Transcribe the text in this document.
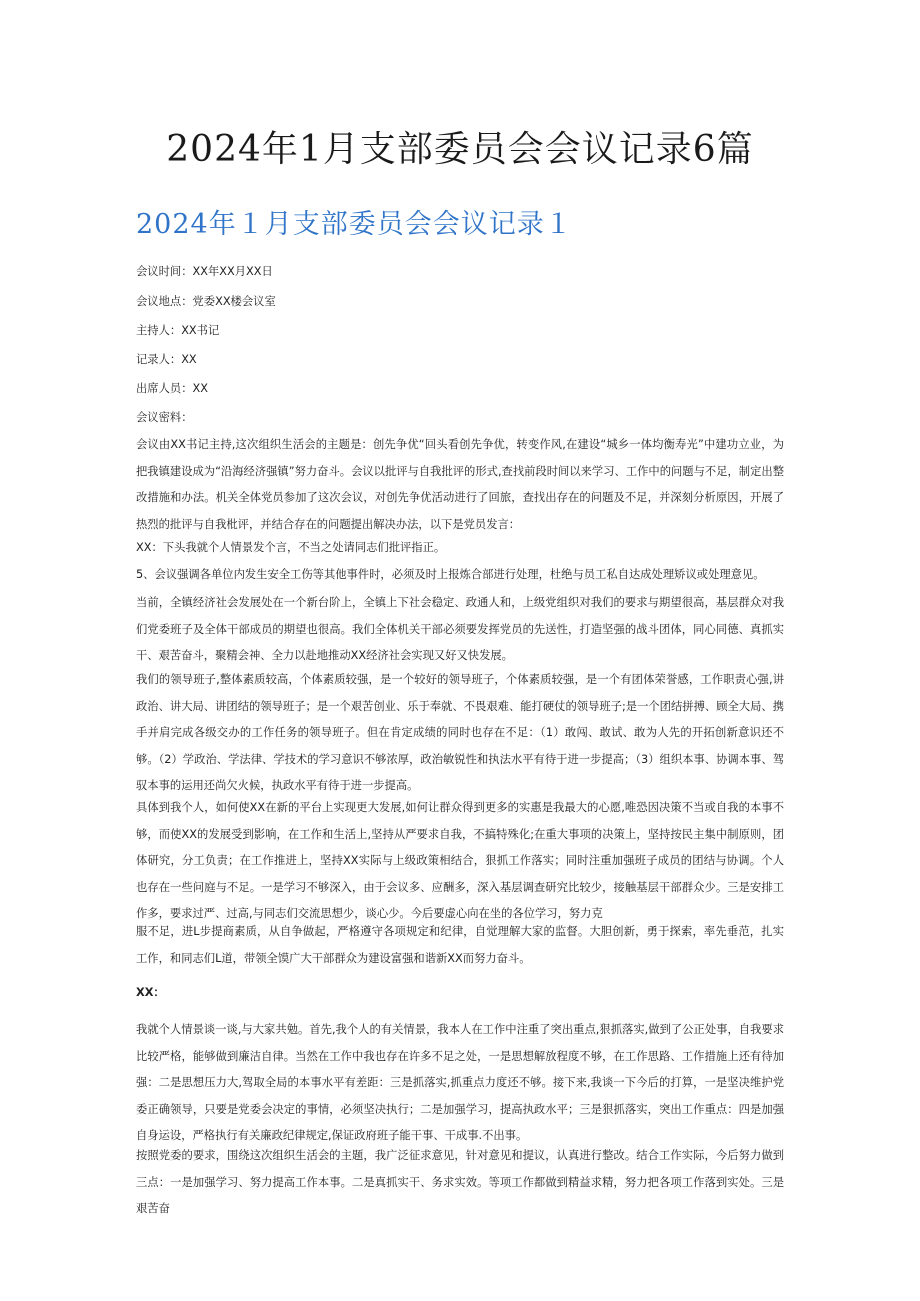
2024年1月支部委员会会议记录6篇
2024年１月支部委员会会议记录１

会议时间：XX年XX月XX日

会议地点：党委XX楼会议室

主持人：XX书记

记录人：XX

出席人员：XX

会议密料：

会议由XX书记主持,这次组织生活会的主题是：创先争优“回头看创先争优，转变作风,在建设“城乡一体均衡寿光”中建功立业，为把我镇建设成为“沿海经济强镇”努力奋斗。会议以批评与自我批评的形式,查找前段时间以来学习、工作中的问题与不足，制定出整改措施和办法。机关全体党员参加了这次会议，对创先争优活动进行了回旅，查找出存在的问题及不足，并深刻分析原因，开展了热烈的批评与自我枇评，并结合存在的问题提出解决办法，以下是党员发言：

XX：下头我就个人情景发个言，不当之处请同志们批评指正。

5、会议强调各单位内发生安全工伤等其他事件时，必须及时上报炼合部进行处理，杜绝与员工私自达成处理矫议或处理意见。

当前，全镇经济社会发展处在一个新台阶上，全镇上下社会稳定、政通人和，上级党组织对我们的要求与期望很高，基层群众对我们党委班子及全体干部成员的期望也很高。我们全体机关干部必须要发挥党员的先送性，打造坚强的战斗团体，同心同德、真抓实干、艰苦奋斗，聚精会神、全力以赴地推动XX经济社会实现又好又快发展。

我们的领导班子,整体素质较高，个体素质较强，是一个较好的领导班子，个体素质较强，是一个有团体荣誉感，工作职责心强,讲政治、讲大局、讲团结的领导班子；是一个艰苦创业、乐于奉就、不畏艰难、能打硬仗的领导班子;是一个团结拼搏、顾全大局、携手并肩完成各级交办的工作任务的领导班子。但在肯定成绩的同时也存在不足：（1）敢闯、敢试、敢为人先的开拓创新意识还不够。（2）学政治、学法律、学技术的学习意识不够浓厚，政治敏锐性和执法水平有待于进一步提高；（3）组织本事、协调本事、驾驭本事的运用还尚欠火候，执政水平有待于进一步提高。

具体到我个人，如何使XX在新的平台上实现更大发展,如何让群众得到更多的实惠是我最大的心愿,唯恐因决策不当或自我的本事不够，而使XX的发展受到影响，在工作和生活上,坚持从严要求自我，不搞特殊化;在重大事项的决策上，坚持按民主集中制原则，团体研究，分工负责；在工作推进上，坚持XX实际与上级政策相结合，狠抓工作落实；同时注重加强班子成员的团结与协调。个人也存在一些问庭与不足。一是学习不够深入，由于会议多、应酬多，深入基层调查研究比较少，接触基层干部群众少。三是安排工作多，要求过严、过高,与同志们交流思想少，谈心少。今后要虚心向在坐的各位学习，努力克

服不足，进L步提商素质，从自争做起，严格遵守各项规定和纪律，自觉理解大家的监督。大胆创新，勇于探索，率先垂范，扎实工作，和同志们L道，带领全馍广大干部群众为建设富强和谐新XX而努力奋斗。

XX：

我就个人情景谈一谈,与大家共勉。首先,我个人的有关情景，我本人在工作中注重了突出重点,狠抓落实,做到了公正处事，自我要求比较严格，能够做到廉洁自律。当然在工作中我也存在许多不足之处，一是思想解放程度不够，在工作思路、工作措施上还有待加强：二是思想压力大,驾取全局的本事水平有差距：三是抓落实,抓重点力度还不够。接下来,我谈一下今后的打算，一是坚决维护党委正确领导，只要是党委会决定的事情，必须坚决执行；二是加强学习，提高执政水平；三是狠抓落实，突出工作重点：四是加强自身运设，严格执行有关廉政纪律规定,保证政府班子能干事、干成事.不出事。

按照党委的要求，围绕这次组织生活会的主题，我广泛征求意见，针对意见和提议，认真进行整改。结合工作实际，今后努力做到三点：一是加强学习、努力提高工作本事。二是真抓实干、务求实效。等项工作都做到精益求精，努力把各项工作落到实处。三是艰苦奋
